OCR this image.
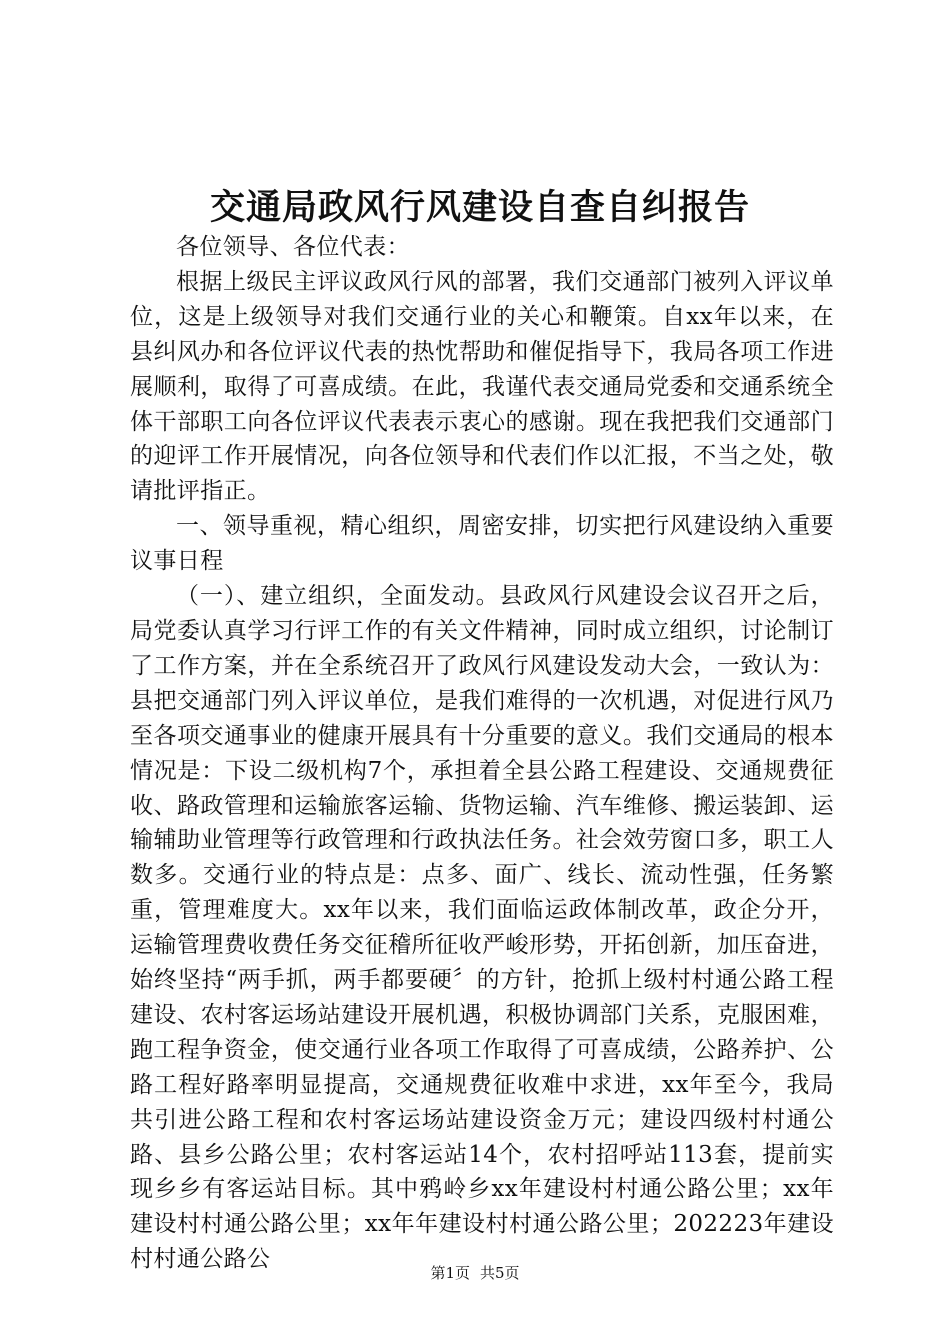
交通局政风行风建设自查自纠报告

各位领导、各位代表：

根据上级民主评议政风行风的部署，我们交通部门被列入评议单位，这是上级领导对我们交通行业的关心和鞭策。自xx年以来，在县纠风办和各位评议代表的热忱帮助和催促指导下，我局各项工作进展顺利，取得了可喜成绩。在此，我谨代表交通局党委和交通系统全体干部职工向各位评议代表表示衷心的感谢。现在我把我们交通部门的迎评工作开展情况，向各位领导和代表们作以汇报，不当之处，敬请批评指正。

一、领导重视，精心组织，周密安排，切实把行风建设纳入重要议事日程

（一）、建立组织，全面发动。县政风行风建设会议召开之后，局党委认真学习行评工作的有关文件精神，同时成立组织，讨论制订了工作方案，并在全系统召开了政风行风建设发动大会，一致认为：县把交通部门列入评议单位，是我们难得的一次机遇，对促进行风乃至各项交通事业的健康开展具有十分重要的意义。我们交通局的根本情况是：下设二级机构7个，承担着全县公路工程建设、交通规费征收、路政管理和运输旅客运输、货物运输、汽车维修、搬运装卸、运输辅助业管理等行政管理和行政执法任务。社会效劳窗口多，职工人数多。交通行业的特点是：点多、面广、线长、流动性强，任务繁重，管理难度大。xx年以来，我们面临运政体制改革，政企分开，运输管理费收费任务交征稽所征收严峻形势，开拓创新，加压奋进，始终坚持“两手抓，两手都要硬〞的方针，抢抓上级村村通公路工程建设、农村客运场站建设开展机遇，积极协调部门关系，克服困难，跑工程争资金，使交通行业各项工作取得了可喜成绩，公路养护、公路工程好路率明显提高，交通规费征收难中求进，xx年至今，我局共引进公路工程和农村客运场站建设资金万元；建设四级村村通公路、县乡公路公里；农村客运站14个，农村招呼站113套，提前实现乡乡有客运站目标。其中鸦岭乡xx年建设村村通公路公里；xx年建设村村通公路公里；xx年年建设村村通公路公里；202223年建设村村通公路公

第1页 共5页
